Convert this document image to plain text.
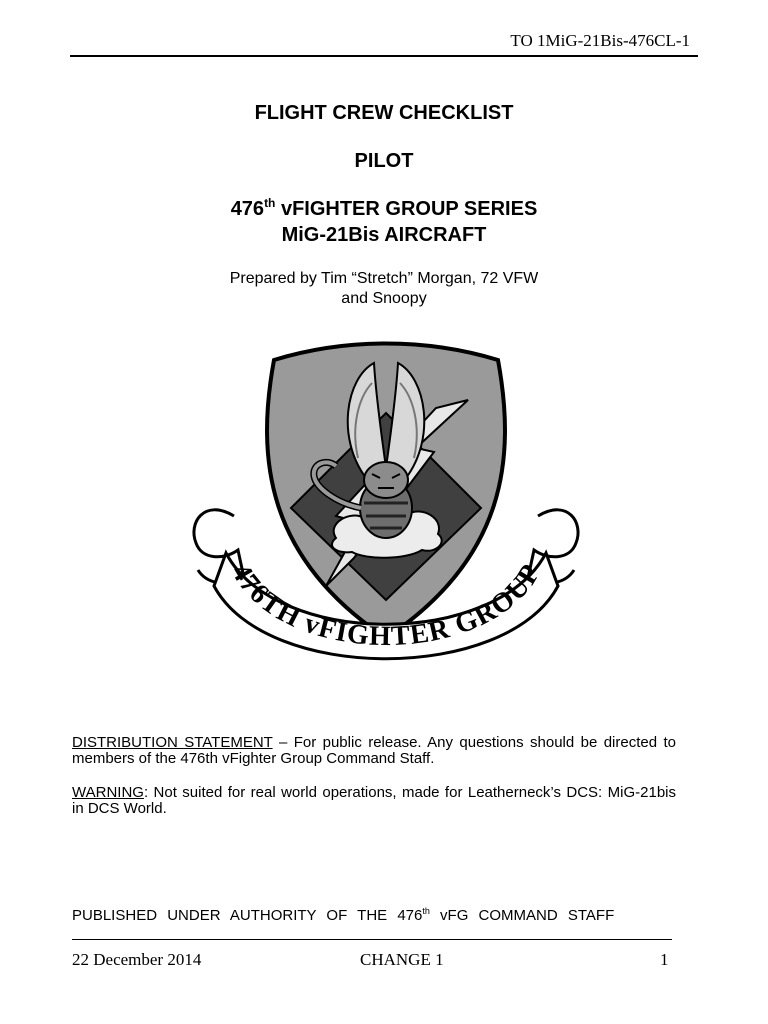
TO 1MiG-21Bis-476CL-1
FLIGHT CREW CHECKLIST
PILOT
476th vFIGHTER GROUP SERIES
MiG-21Bis AIRCRAFT
Prepared by Tim “Stretch” Morgan, 72 VFW
and Snoopy
476TH vFIGHTER GROUP
DISTRIBUTION STATEMENT – For public release. Any questions should be directed to members of the 476th vFighter Group Command Staff.
WARNING: Not suited for real world operations, made for Leatherneck’s DCS: MiG-21bis in DCS World.
PUBLISHED UNDER AUTHORITY OF THE 476th vFG COMMAND STAFF
22 December 2014	CHANGE 1	1
